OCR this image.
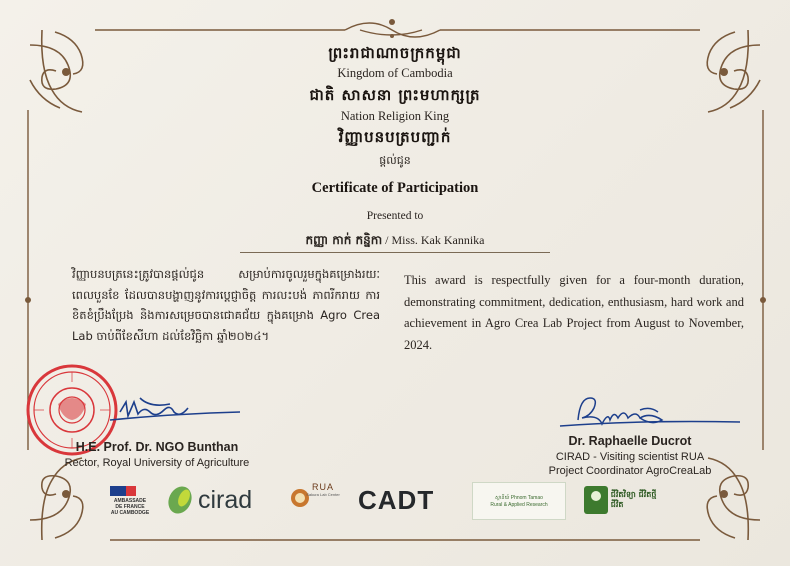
ព្រះរាជាណាចក្រកម្ពុជា
Kingdom of Cambodia
ជាតិ សាសនា ព្រះមហាក្សត្រ
Nation Religion King
វិញ្ញាបនបត្របញ្ជាក់
ផ្តល់ជូន
Certificate of Participation
Presented to
កញ្ញា កាក់ កន្និកា / Miss. Kak Kannika
វិញ្ញាបនបត្រនេះត្រូវបានផ្តល់ជូន សម្រាប់ការចូលរួមក្នុងគម្រោងរយៈពេលបួនខែ ដែលបានបង្ហាញនូវការប្តេជ្ញាចិត្ត ការលះបង់ ភាពរីករាយ ការខិតខំប្រឹងប្រែង និងការសម្រេចបានជោគជ័យ ក្នុងគម្រោង Agro Crea Lab ចាប់ពីខែសីហា ដល់ខែវិច្ឆិកា ឆ្នាំ២០២៤។
This award is respectfully given for a four-month duration, demonstrating commitment, dedication, enthusiasm, hard work and achievement in Agro Crea Lab Project from August to November, 2024.
H.E. Prof. Dr. NGO Bunthan
Rector, Royal University of Agriculture
Dr. Raphaelle Ducrot
CIRAD - Visiting scientist RUA
Project Coordinator AgroCreaLab
AMBASSADE
DE FRANCE
AU CAMBODGE cirad	RUA
Sakura Lab Center CADT	ស្ថានីយ៍ Phnom Tamao
Rural & Applied Research
ជីវិតវិទ្យា ជីវិតថ្មីជីវិត
